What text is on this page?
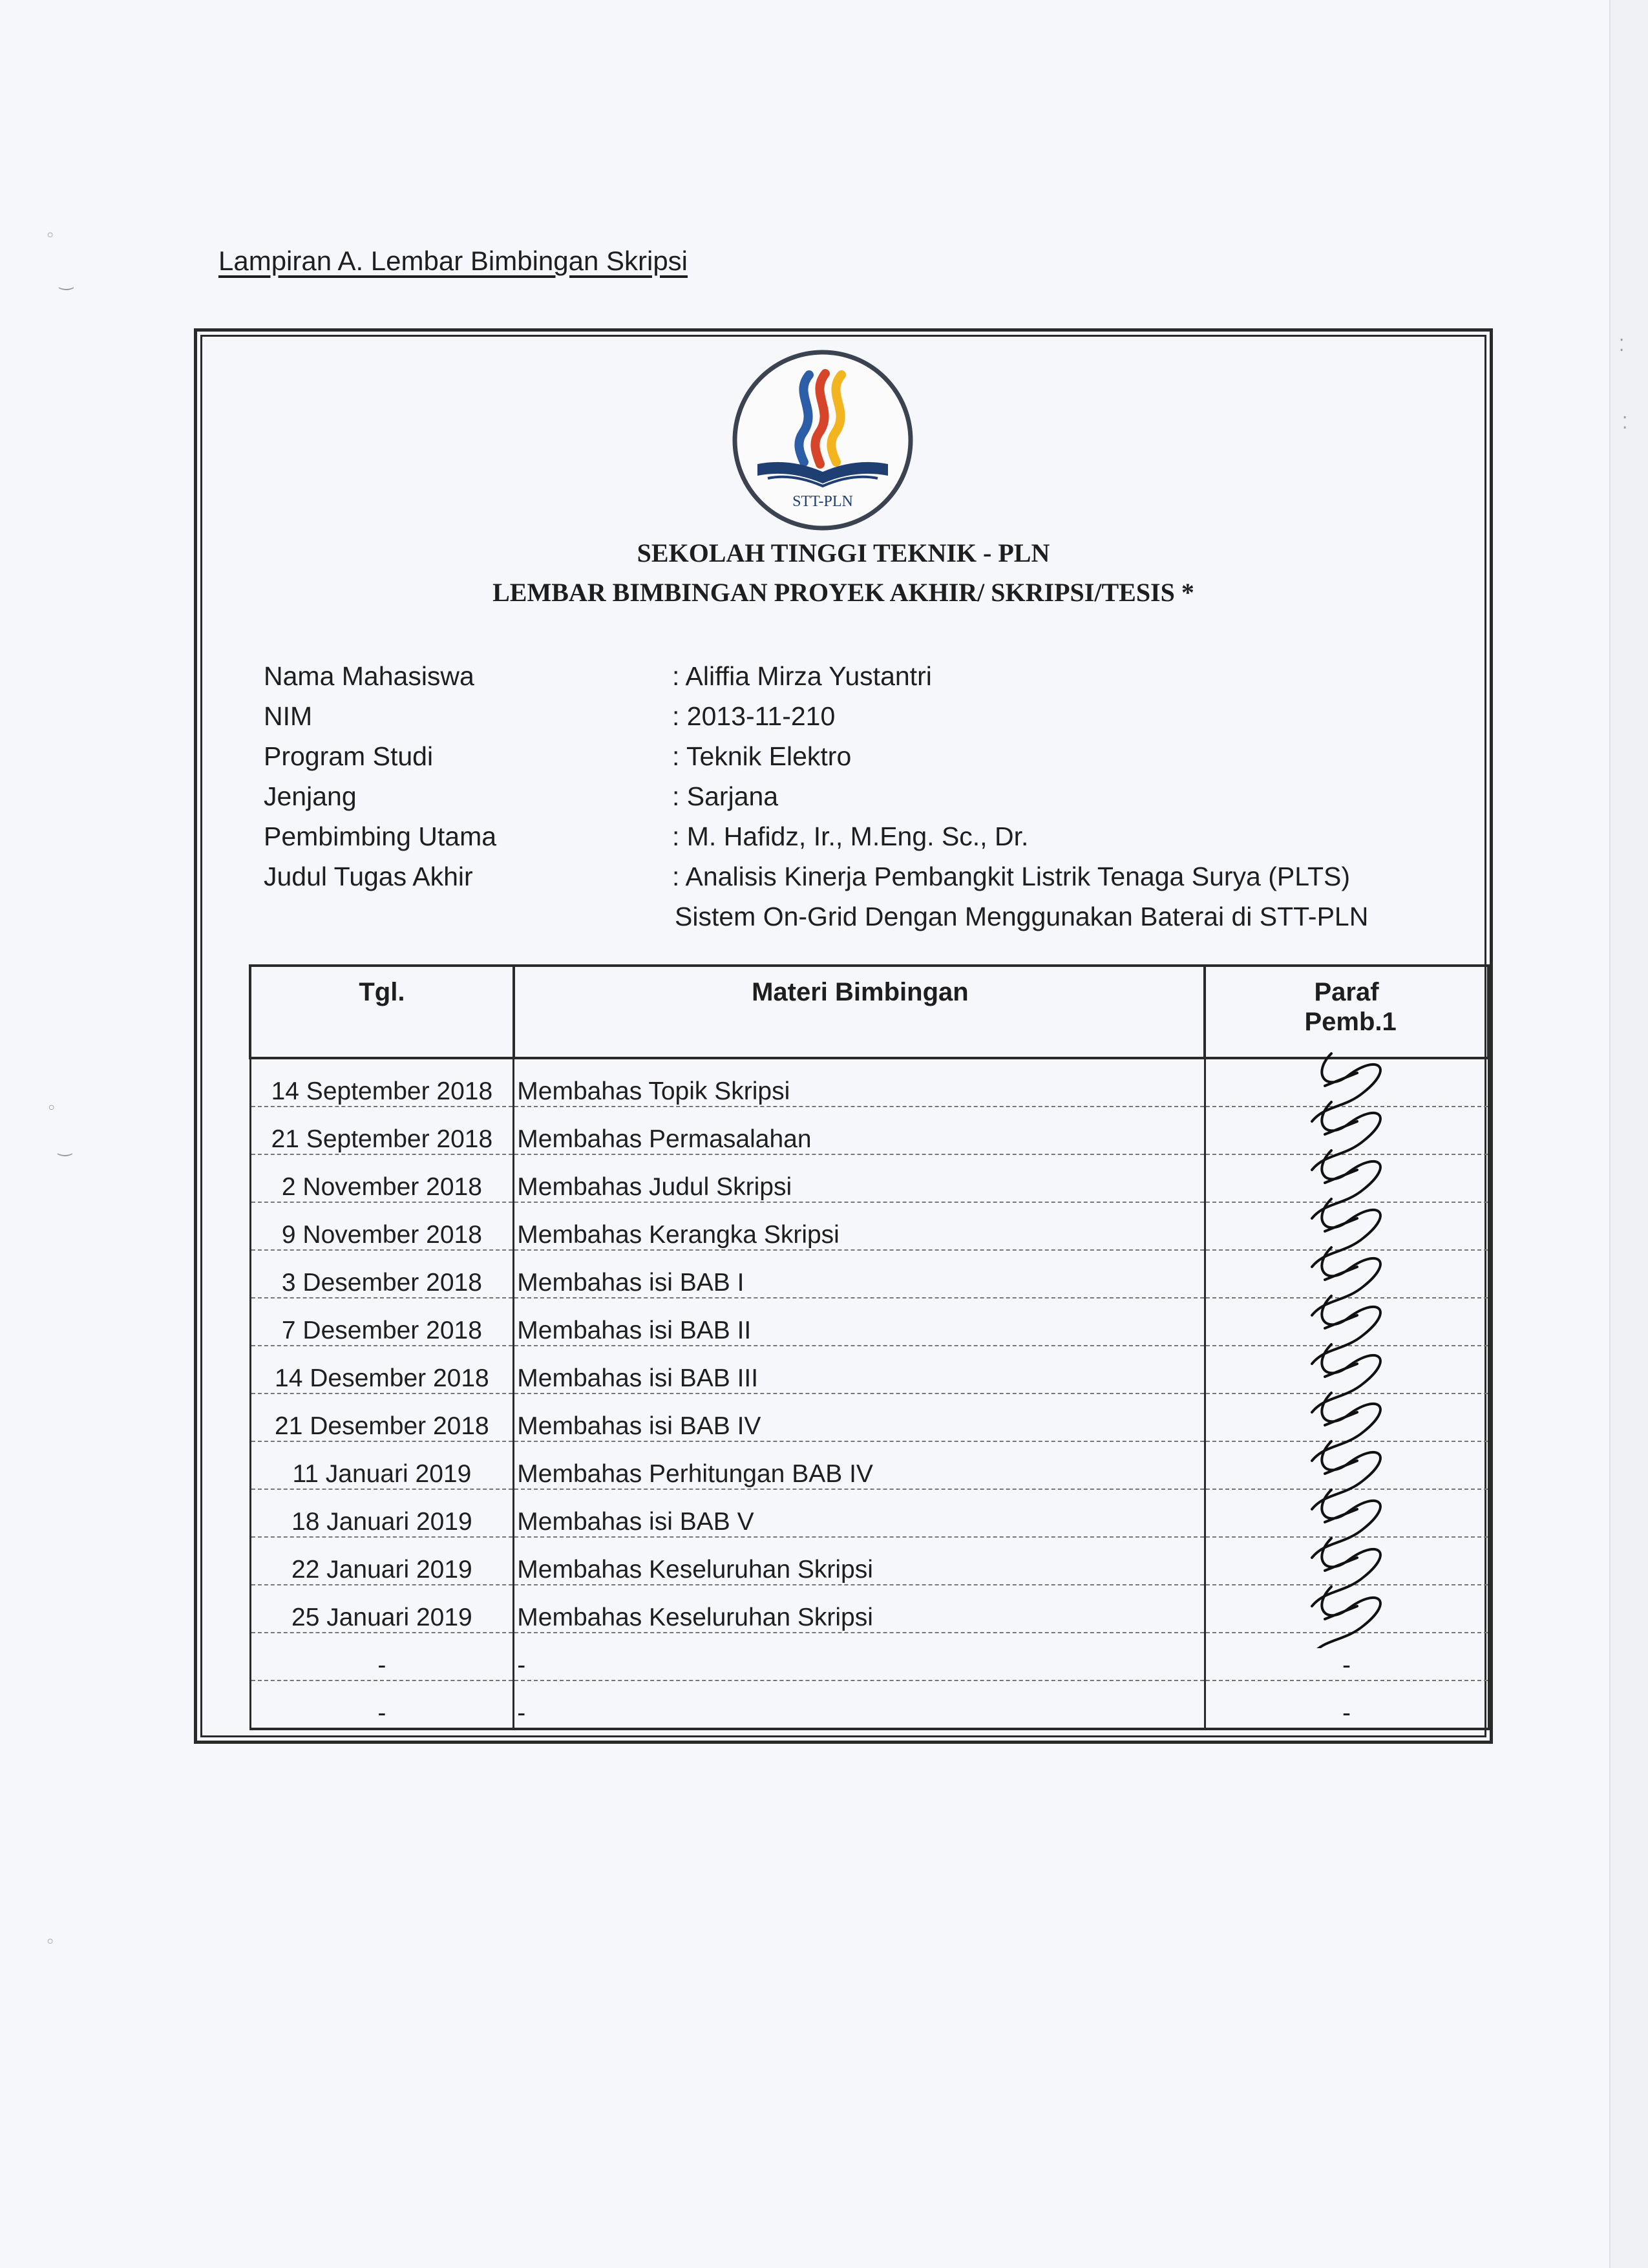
◦
‿
◦
‿
◦
⁚
⁚
Lampiran A. Lembar Bimbingan Skripsi
STT-PLN
SEKOLAH TINGGI TEKNIK - PLN
LEMBAR BIMBINGAN PROYEK AKHIR/ SKRIPSI/TESIS *
Nama Mahasiswa	: Aliffia Mirza Yustantri
NIM	: 2013-11-210
Program Studi	: Teknik Elektro
Jenjang	: Sarjana
Pembimbing Utama	: M. Hafidz, Ir., M.Eng. Sc., Dr.
Judul Tugas Akhir	: Analisis Kinerja Pembangkit Listrik Tenaga Surya (PLTS)
Sistem On-Grid Dengan Menggunakan Baterai di STT-PLN
Tgl.	Materi Bimbingan	Paraf Pemb.1
14 September 2018	Membahas Topik Skripsi	
21 September 2018	Membahas Permasalahan	
2 November 2018	Membahas Judul Skripsi	
9 November 2018	Membahas Kerangka Skripsi	
3 Desember 2018	Membahas isi BAB I	
7 Desember 2018	Membahas isi BAB II	
14 Desember 2018	Membahas isi BAB III	
21 Desember 2018	Membahas isi BAB IV	
11 Januari 2019	Membahas Perhitungan BAB IV	
18 Januari 2019	Membahas isi BAB V	
22 Januari 2019	Membahas Keseluruhan Skripsi	
25 Januari 2019	Membahas Keseluruhan Skripsi	
-	-	-
-	-	-
